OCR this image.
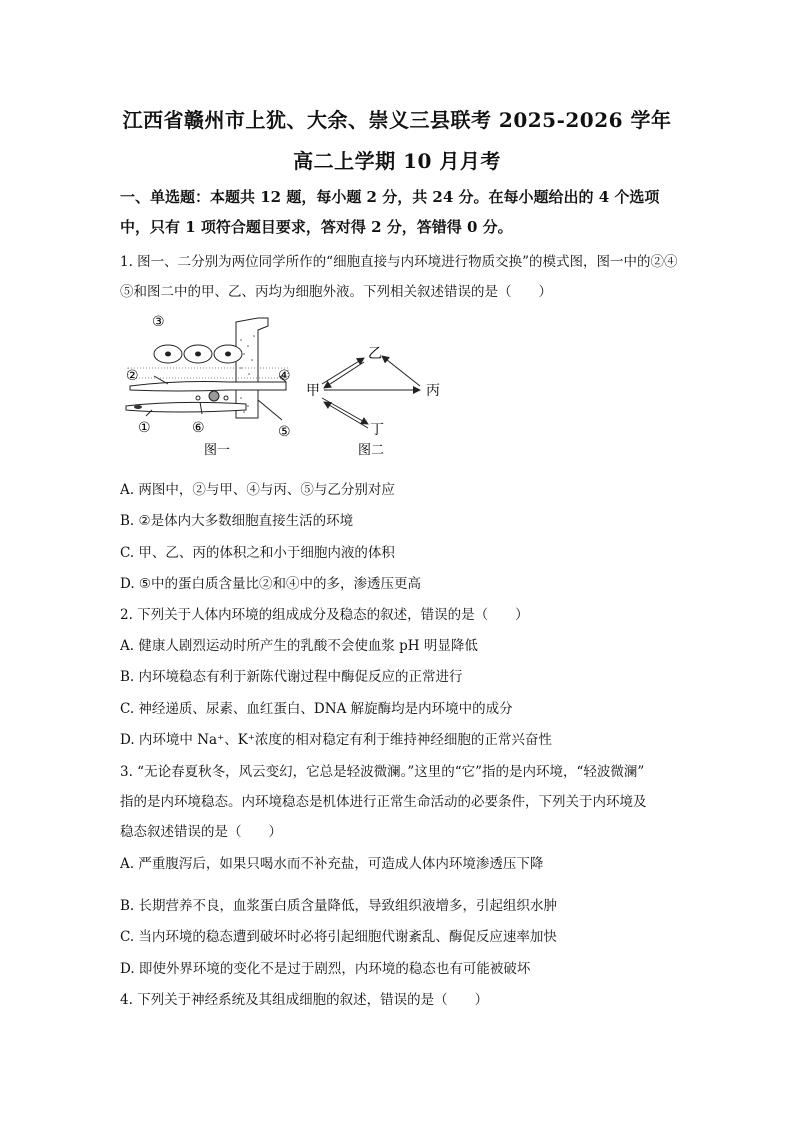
江西省赣州市上犹、大余、崇义三县联考 2025-2026 学年
高二上学期 10 月月考
一、单选题：本题共 12 题，每小题 2 分，共 24 分。在每小题给出的 4 个选项
中，只有 1 项符合题目要求，答对得 2 分，答错得 0 分。
1. 图一、二分别为两位同学所作的“细胞直接与内环境进行物质交换”的模式图，图一中的②④
⑤和图二中的甲、乙、丙均为细胞外液。下列相关叙述错误的是（　　）
③
②	④
①	⑥	⑤
图一
甲
乙
丙
丁
图二
A. 两图中，②与甲、④与丙、⑤与乙分别对应
B. ②是体内大多数细胞直接生活的环境
C. 甲、乙、丙的体积之和小于细胞内液的体积
D. ⑤中的蛋白质含量比②和④中的多，渗透压更高
2. 下列关于人体内环境的组成成分及稳态的叙述，错误的是（　　）
A. 健康人剧烈运动时所产生的乳酸不会使血浆 pH 明显降低
B. 内环境稳态有利于新陈代谢过程中酶促反应的正常进行
C. 神经递质、尿素、血红蛋白、DNA 解旋酶均是内环境中的成分
D. 内环境中 Na⁺、K⁺浓度的相对稳定有利于维持神经细胞的正常兴奋性
3. “无论春夏秋冬，风云变幻，它总是轻波微澜。”这里的“它”指的是内环境，“轻波微澜”
指的是内环境稳态。内环境稳态是机体进行正常生命活动的必要条件，下列关于内环境及
稳态叙述错误的是（　　）
A. 严重腹泻后，如果只喝水而不补充盐，可造成人体内环境渗透压下降
B. 长期营养不良，血浆蛋白质含量降低，导致组织液增多，引起组织水肿
C. 当内环境的稳态遭到破坏时必将引起细胞代谢紊乱、酶促反应速率加快
D. 即使外界环境的变化不是过于剧烈，内环境的稳态也有可能被破坏
4. 下列关于神经系统及其组成细胞的叙述，错误的是（　　）
